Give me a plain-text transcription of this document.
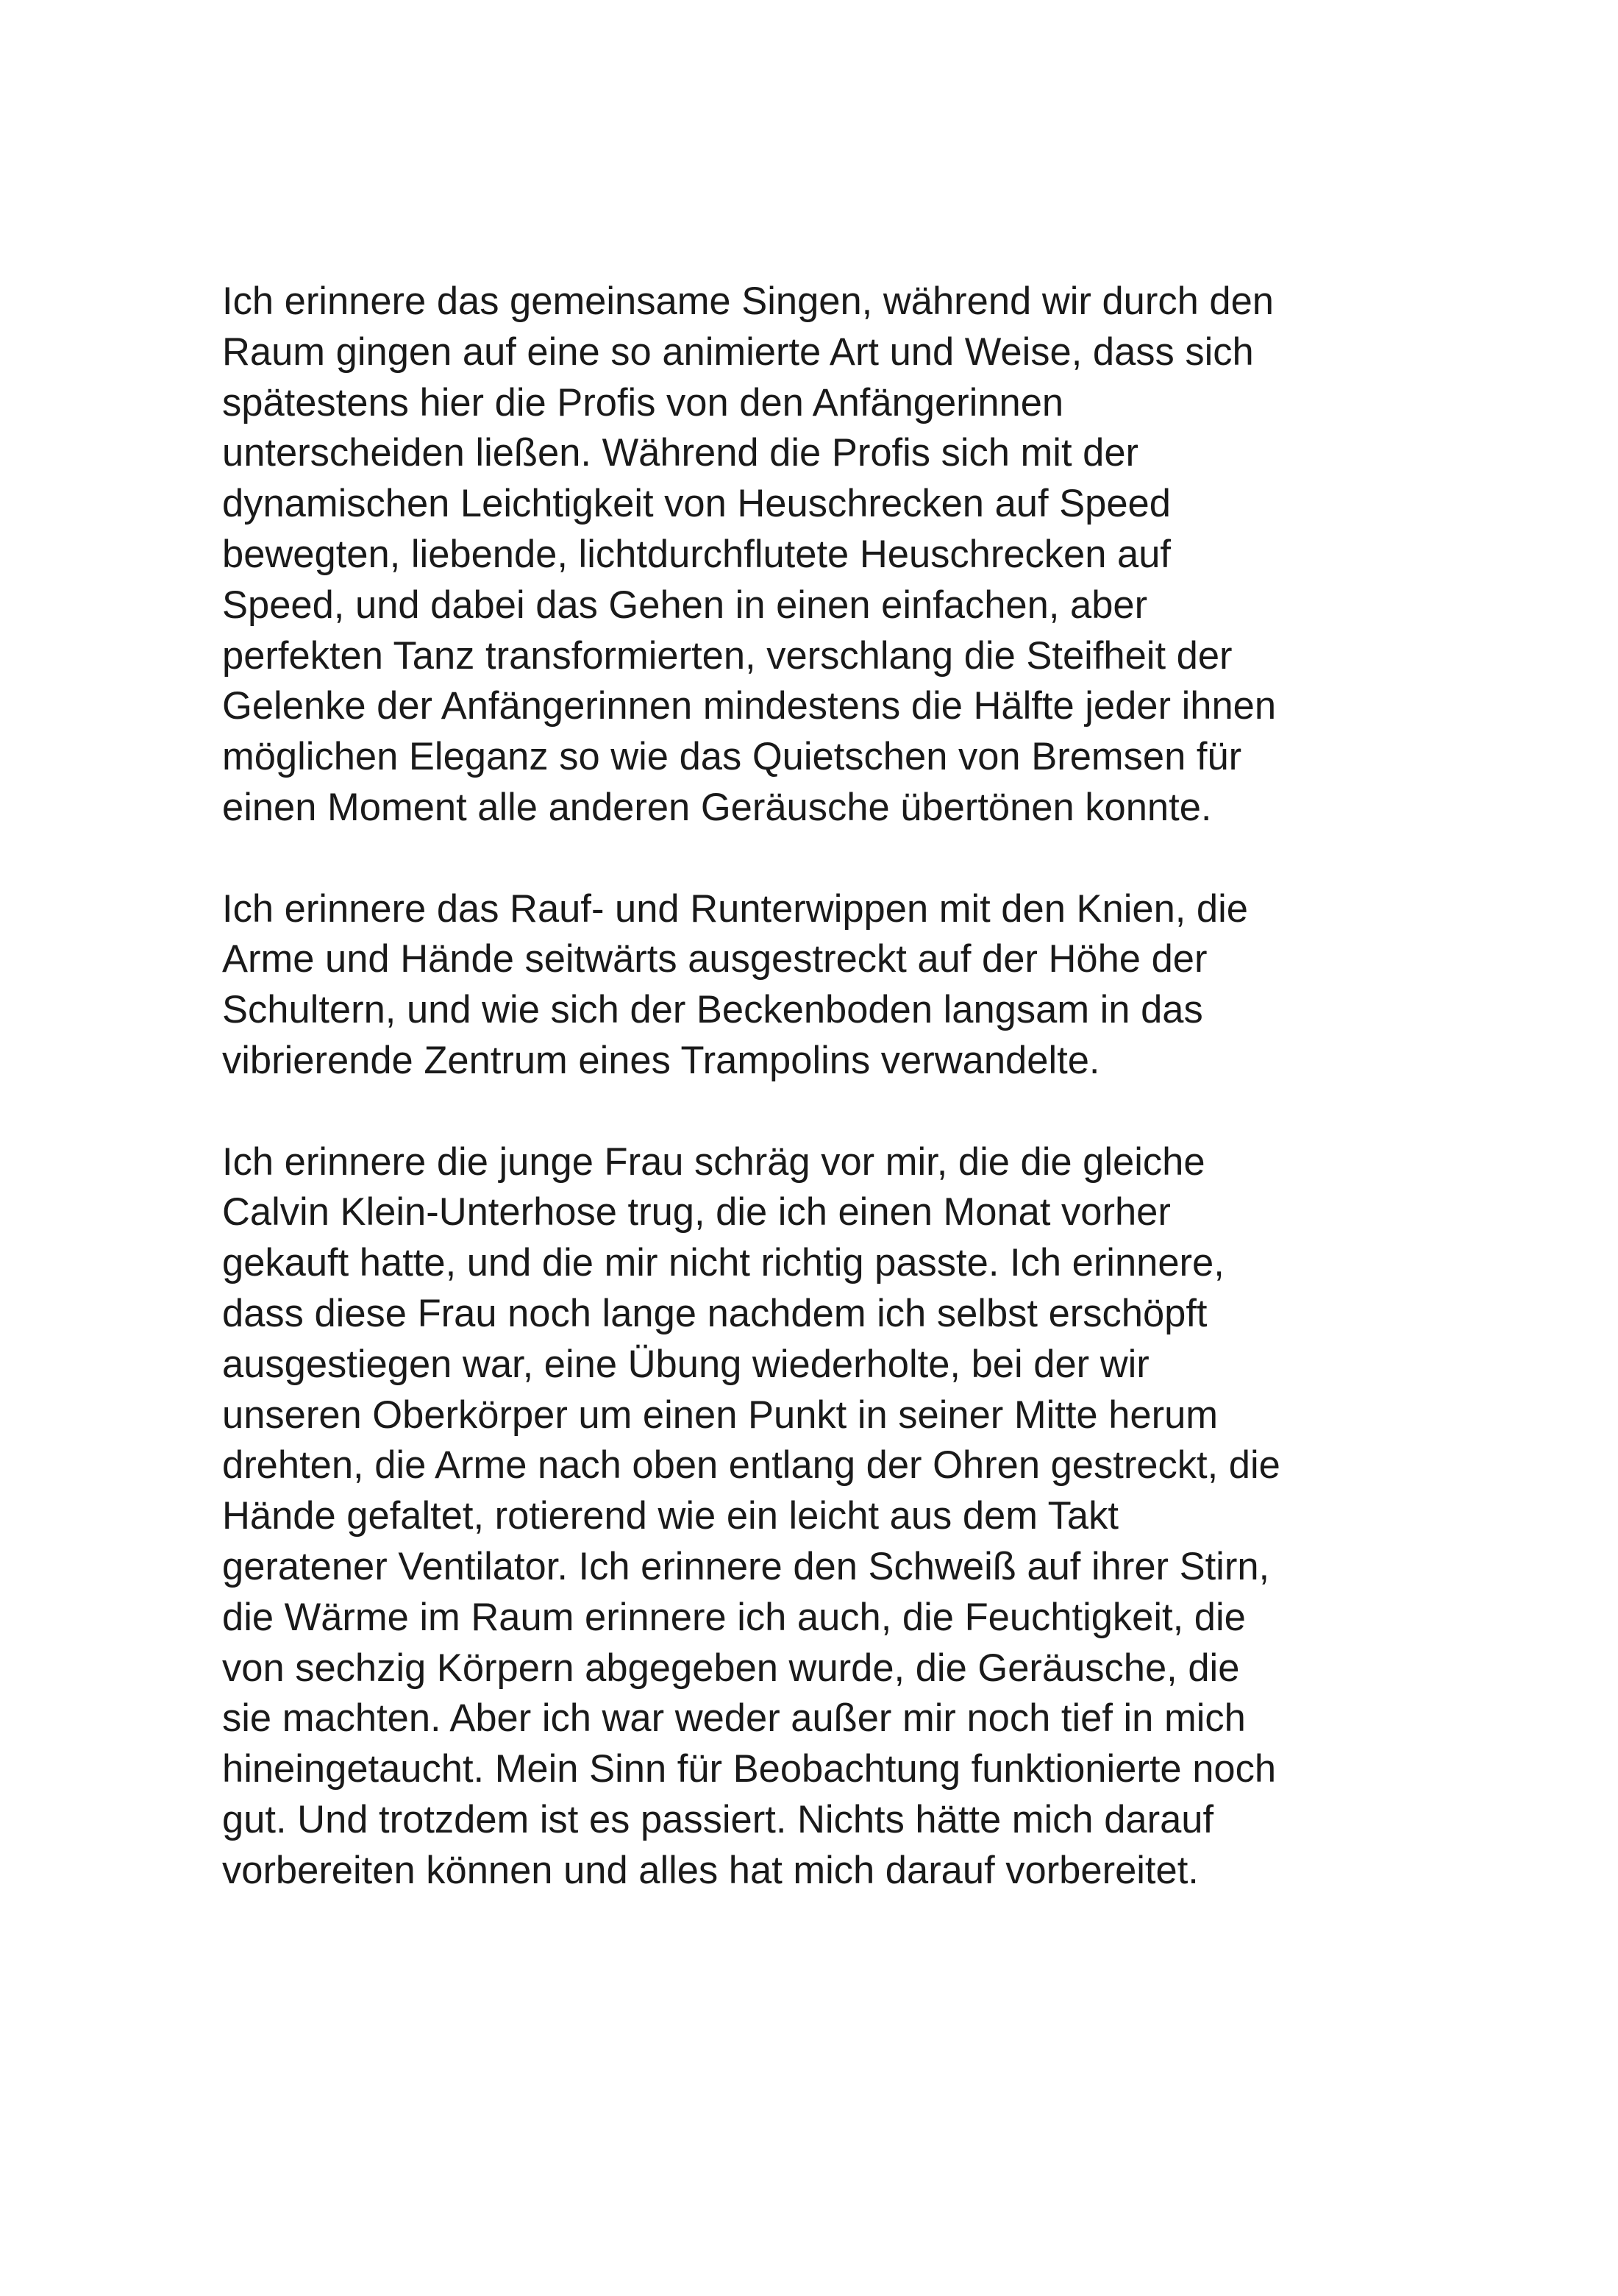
Ich erinnere das gemeinsame Singen, während wir durch den
Raum gingen auf eine so animierte Art und Weise, dass sich
spätestens hier die Profis von den Anfängerinnen
unterscheiden ließen. Während die Profis sich mit der
dynamischen Leichtigkeit von Heuschrecken auf Speed
bewegten, liebende, lichtdurchflutete Heuschrecken auf
Speed, und dabei das Gehen in einen einfachen, aber
perfekten Tanz transformierten, verschlang die Steifheit der
Gelenke der Anfängerinnen mindestens die Hälfte jeder ihnen
möglichen Eleganz so wie das Quietschen von Bremsen für
einen Moment alle anderen Geräusche übertönen konnte.

Ich erinnere das Rauf- und Runterwippen mit den Knien, die
Arme und Hände seitwärts ausgestreckt auf der Höhe der
Schultern, und wie sich der Beckenboden langsam in das
vibrierende Zentrum eines Trampolins verwandelte.

Ich erinnere die junge Frau schräg vor mir, die die gleiche
Calvin Klein-Unterhose trug, die ich einen Monat vorher
gekauft hatte, und die mir nicht richtig passte. Ich erinnere,
dass diese Frau noch lange nachdem ich selbst erschöpft
ausgestiegen war, eine Übung wiederholte, bei der wir
unseren Oberkörper um einen Punkt in seiner Mitte herum
drehten, die Arme nach oben entlang der Ohren gestreckt, die
Hände gefaltet, rotierend wie ein leicht aus dem Takt
geratener Ventilator. Ich erinnere den Schweiß auf ihrer Stirn,
die Wärme im Raum erinnere ich auch, die Feuchtigkeit, die
von sechzig Körpern abgegeben wurde, die Geräusche, die
sie machten. Aber ich war weder außer mir noch tief in mich
hineingetaucht. Mein Sinn für Beobachtung funktionierte noch
gut. Und trotzdem ist es passiert. Nichts hätte mich darauf
vorbereiten können und alles hat mich darauf vorbereitet.
